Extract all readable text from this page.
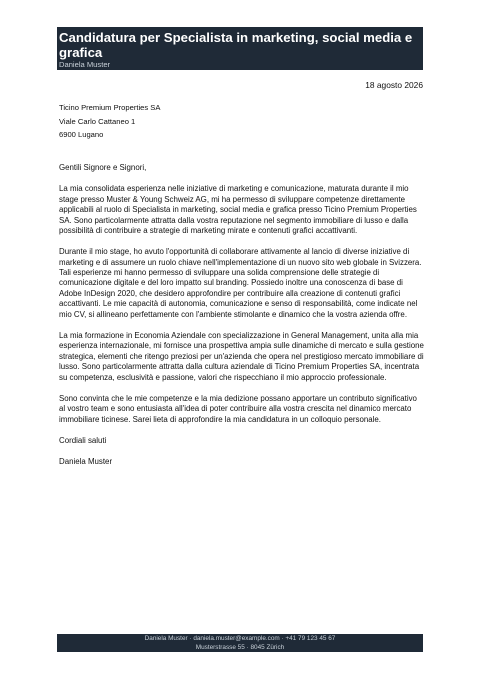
Candidatura per Specialista in marketing, social media e grafica
Daniela Muster
18 agosto 2026
Ticino Premium Properties SA
Viale Carlo Cattaneo 1
6900 Lugano

Gentili Signore e Signori,

La mia consolidata esperienza nelle iniziative di marketing e comunicazione, maturata durante il mio stage presso Muster & Young Schweiz AG, mi ha permesso di sviluppare competenze direttamente applicabili al ruolo di Specialista in marketing, social media e grafica presso Ticino Premium Properties SA. Sono particolarmente attratta dalla vostra reputazione nel segmento immobiliare di lusso e dalla possibilità di contribuire a strategie di marketing mirate e contenuti grafici accattivanti.

Durante il mio stage, ho avuto l'opportunità di collaborare attivamente al lancio di diverse iniziative di marketing e di assumere un ruolo chiave nell'implementazione di un nuovo sito web globale in Svizzera. Tali esperienze mi hanno permesso di sviluppare una solida comprensione delle strategie di comunicazione digitale e del loro impatto sul branding. Possiedo inoltre una conoscenza di base di Adobe InDesign 2020, che desidero approfondire per contribuire alla creazione di contenuti grafici accattivanti. Le mie capacità di autonomia, comunicazione e senso di responsabilità, come indicate nel mio CV, si allineano perfettamente con l'ambiente stimolante e dinamico che la vostra azienda offre.

La mia formazione in Economia Aziendale con specializzazione in General Management, unita alla mia esperienza internazionale, mi fornisce una prospettiva ampia sulle dinamiche di mercato e sulla gestione strategica, elementi che ritengo preziosi per un'azienda che opera nel prestigioso mercato immobiliare di lusso. Sono particolarmente attratta dalla cultura aziendale di Ticino Premium Properties SA, incentrata su competenza, esclusività e passione, valori che rispecchiano il mio approccio professionale.

Sono convinta che le mie competenze e la mia dedizione possano apportare un contributo significativo al vostro team e sono entusiasta all'idea di poter contribuire alla vostra crescita nel dinamico mercato immobiliare ticinese. Sarei lieta di approfondire la mia candidatura in un colloquio personale.

Cordiali saluti

Daniela Muster

Daniela Muster · daniela.muster@example.com · +41 79 123 45 67
Musterstrasse 55 · 8045 Zürich
